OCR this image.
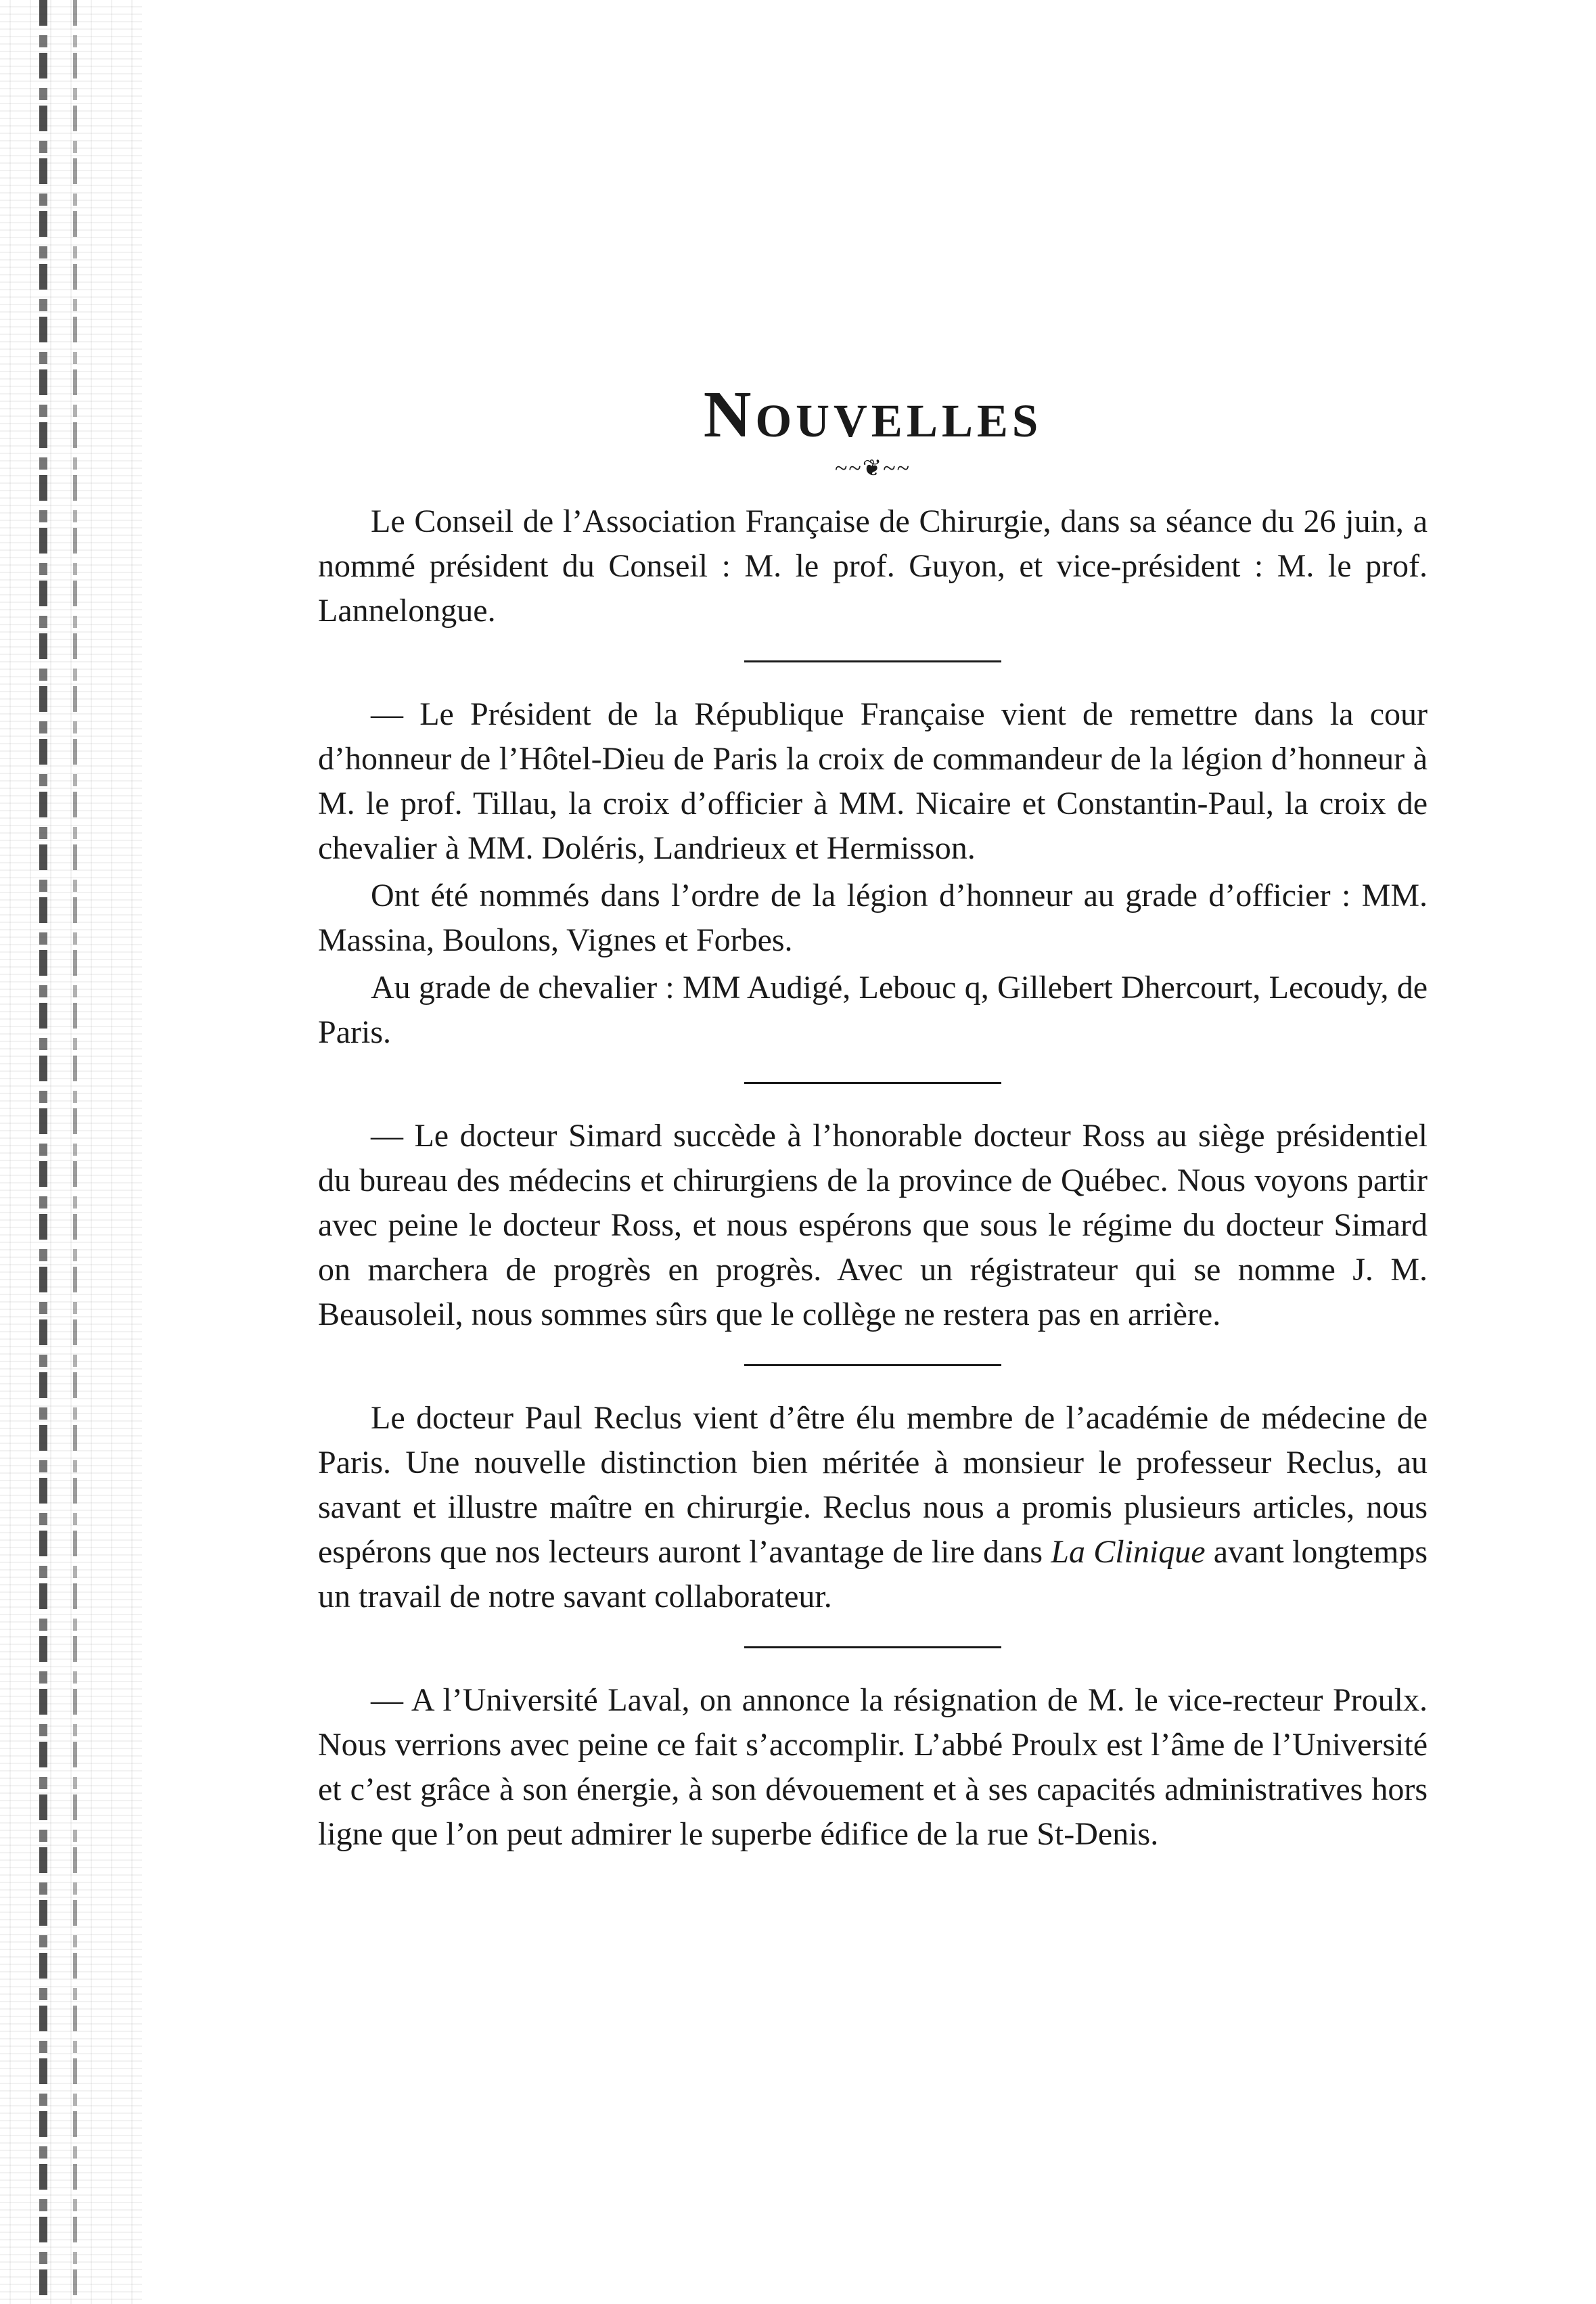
Nouvelles
~~❦~~

Le Conseil de l’Association Française de Chirurgie, dans sa séance du 26 juin, a nommé président du Conseil : M. le prof. Guyon, et vice-président : M. le prof. Lannelongue.

— Le Président de la République Française vient de remettre dans la cour d’honneur de l’Hôtel-Dieu de Paris la croix de commandeur de la légion d’honneur à M. le prof. Tillau, la croix d’officier à MM. Nicaire et Constantin-Paul, la croix de chevalier à MM. Doléris, Landrieux et Hermisson.

Ont été nommés dans l’ordre de la légion d’honneur au grade d’officier : MM. Massina, Boulons, Vignes et Forbes.

Au grade de chevalier : MM Audigé, Lebouc q, Gillebert Dhercourt, Lecoudy, de Paris.

— Le docteur Simard succède à l’honorable docteur Ross au siège présidentiel du bureau des médecins et chirurgiens de la province de Québec. Nous voyons partir avec peine le docteur Ross, et nous espérons que sous le régime du docteur Simard on marchera de progrès en progrès. Avec un régistrateur qui se nomme J. M. Beausoleil, nous sommes sûrs que le collège ne restera pas en arrière.

Le docteur Paul Reclus vient d’être élu membre de l’académie de médecine de Paris. Une nouvelle distinction bien méritée à monsieur le professeur Reclus, au savant et illustre maître en chirurgie. Reclus nous a promis plusieurs articles, nous espérons que nos lecteurs auront l’avantage de lire dans La Clinique avant longtemps un travail de notre savant collaborateur.

— A l’Université Laval, on annonce la résignation de M. le vice-recteur Proulx. Nous verrions avec peine ce fait s’accomplir. L’abbé Proulx est l’âme de l’Université et c’est grâce à son énergie, à son dévouement et à ses capacités administratives hors ligne que l’on peut admirer le superbe édifice de la rue St-Denis.
